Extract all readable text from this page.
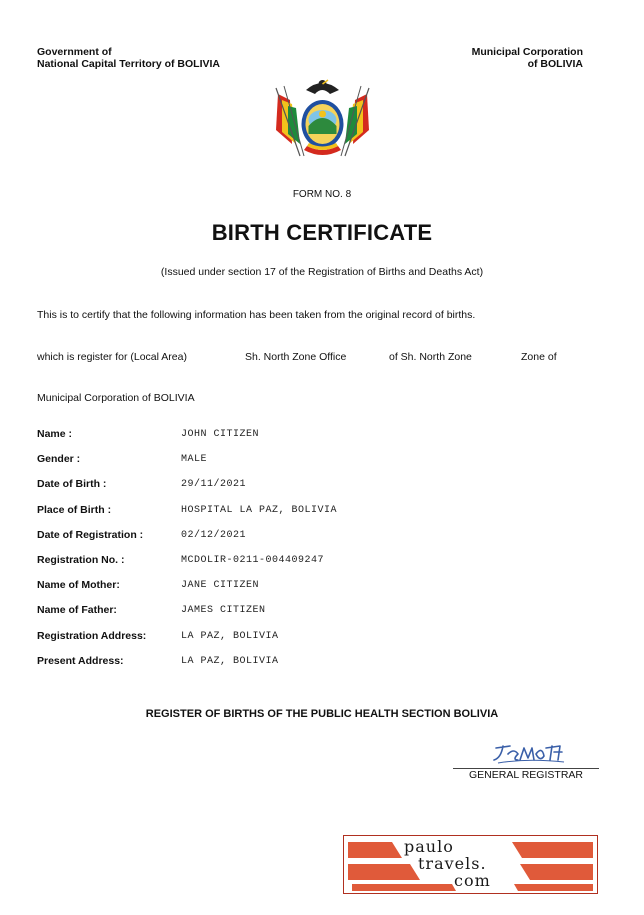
Government of
National Capital Territory of BOLIVIA
Municipal Corporation
of BOLIVIA
FORM NO. 8
BIRTH CERTIFICATE
(Issued under section 17 of the Registration of Births and Deaths Act)
This is to certify that the following information has been taken from the original record of births.
which is register for (Local Area)	Sh. North Zone Office	of Sh. North Zone	Zone of
Municipal Corporation of BOLIVIA
Name :	JOHN CITIZEN
Gender :	MALE
Date of Birth :	29/11/2021
Place of Birth :	HOSPITAL LA PAZ, BOLIVIA
Date of Registration :	02/12/2021
Registration No. :	MCDOLIR-0211-004409247
Name of Mother:	JANE CITIZEN
Name of Father:	JAMES CITIZEN
Registration Address:	LA PAZ, BOLIVIA
Present Address:	LA PAZ, BOLIVIA
REGISTER OF BIRTHS OF THE PUBLIC HEALTH SECTION BOLIVIA
GENERAL REGISTRAR
paulo
travels.
com
